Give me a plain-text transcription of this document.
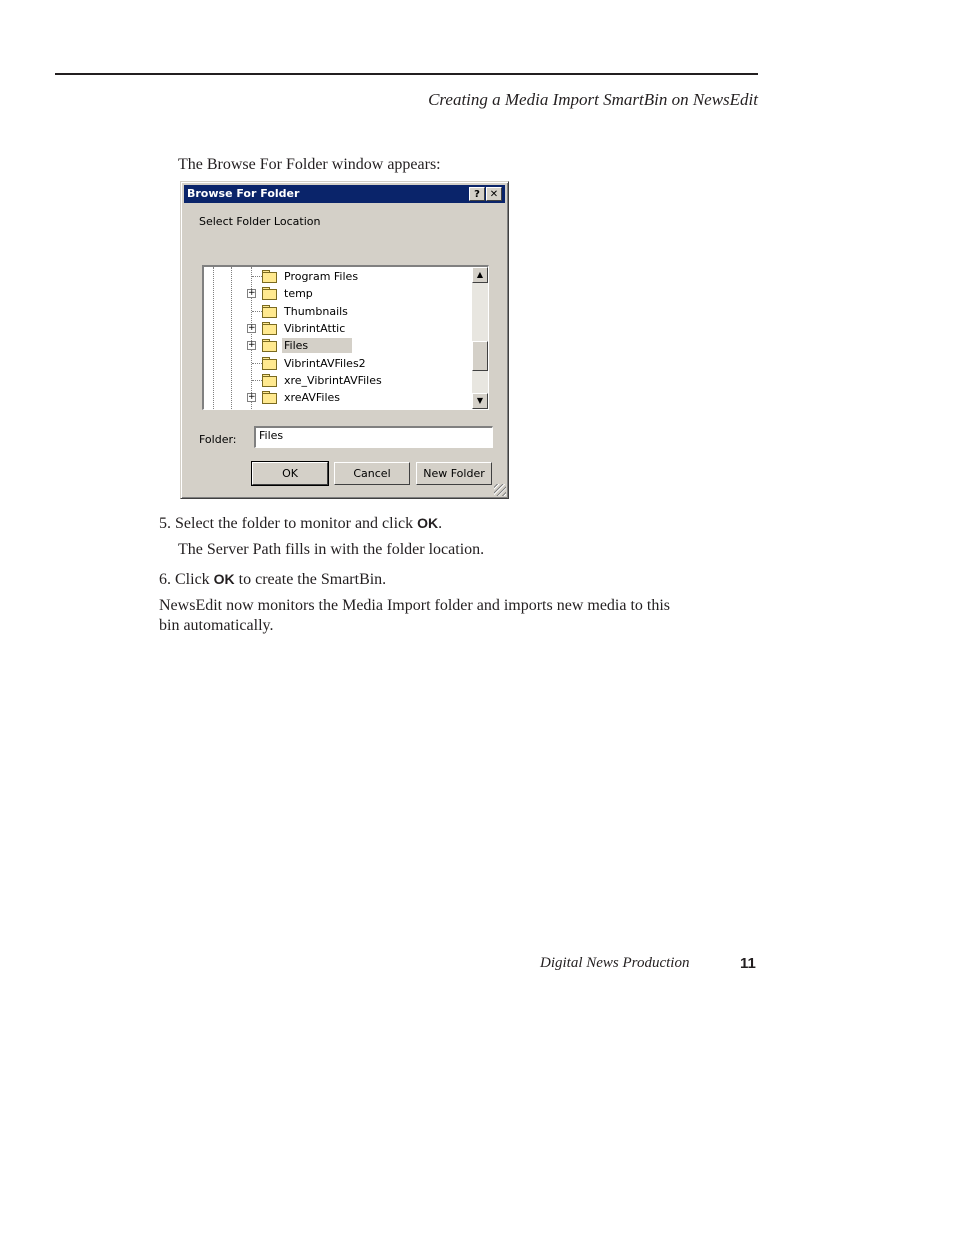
Creating a Media Import SmartBin on NewsEdit
The Browse For Folder window appears:
Browse For Folder	? ✕
Select Folder Location
Program Files
+	temp
Thumbnails
+	VibrintAttic
+	Files
VibrintAVFiles2
xre_VibrintAVFiles
+	xreAVFiles
▲
▼
Folder:	Files
OK	Cancel	New Folder
5. Select the folder to monitor and click OK.
The Server Path fills in with the folder location.
6. Click OK to create the SmartBin.
NewsEdit now monitors the Media Import folder and imports new media to this
bin automatically.
Digital News Production	11
